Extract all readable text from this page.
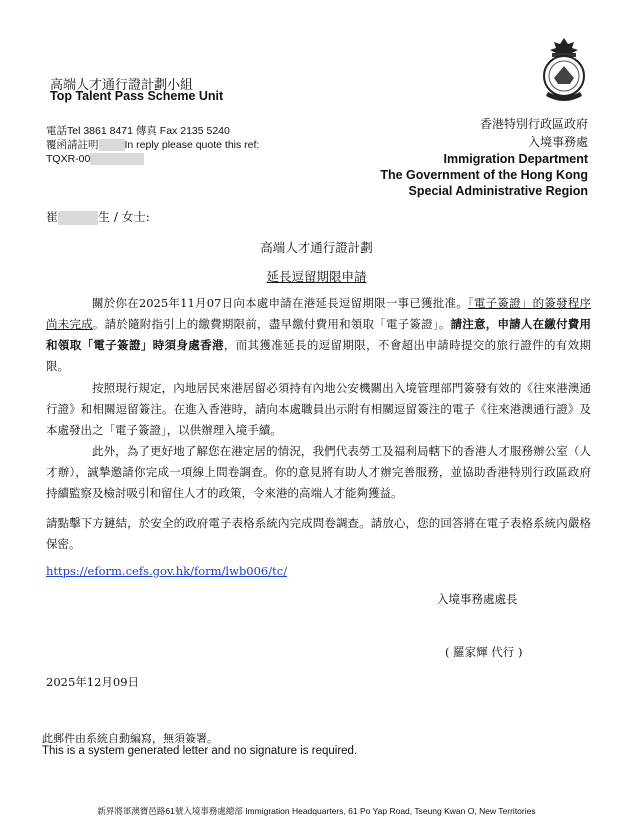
高端人才通行證計劃小組
Top Talent Pass Scheme Unit
電話Tel 3861 8471 傳真 Fax 2135 5240
覆函請註明 In reply please quote this ref:
TQXR-00
香港特別行政區政府
入境事務處
Immigration Department
The Government of the Hong Kong
Special Administrative Region
崔	生 / 女士:
高端人才通行證計劃
延長逗留期限申請
關於你在2025年11月07日向本處申請在港延長逗留期限一事已獲批准。「電子簽證」的簽發程序尚未完成。請於隨附指引上的繳費期限前，盡早繳付費用和領取「電子簽證」。請注意，申請人在繳付費用和領取「電子簽證」時須身處香港，而其獲准延長的逗留期限，不會超出申請時提交的旅行證件的有效期限。
按照現行規定，內地居民來港居留必須持有內地公安機關出入境管理部門簽發有效的《往來港澳通行證》和相關逗留簽注。在進入香港時，請向本處職員出示附有相關逗留簽注的電子《往來港澳通行證》及本處發出之「電子簽證」，以供辦理入境手續。
此外，為了更好地了解您在港定居的情況，我們代表勞工及福利局轄下的香港人才服務辦公室（人才辦），誠摯邀請你完成一項線上問卷調查。你的意見將有助人才辦完善服務，並協助香港特別行政區政府持續監察及檢討吸引和留住人才的政策，令來港的高端人才能夠獲益。
請點擊下方鏈結，於安全的政府電子表格系統內完成問卷調查。請放心，您的回答將在電子表格系統內嚴格保密。
https://eform.cefs.gov.hk/form/lwb006/tc/
入境事務處處長
( 羅家輝 代行 )
2025年12月09日
此郵件由系統自動編寫，無須簽署。
This is a system generated letter and no signature is required.
新界將軍澳寶邑路61號入境事務處總部 Immigration Headquarters, 61 Po Yap Road, Tseung Kwan O, New Territories
